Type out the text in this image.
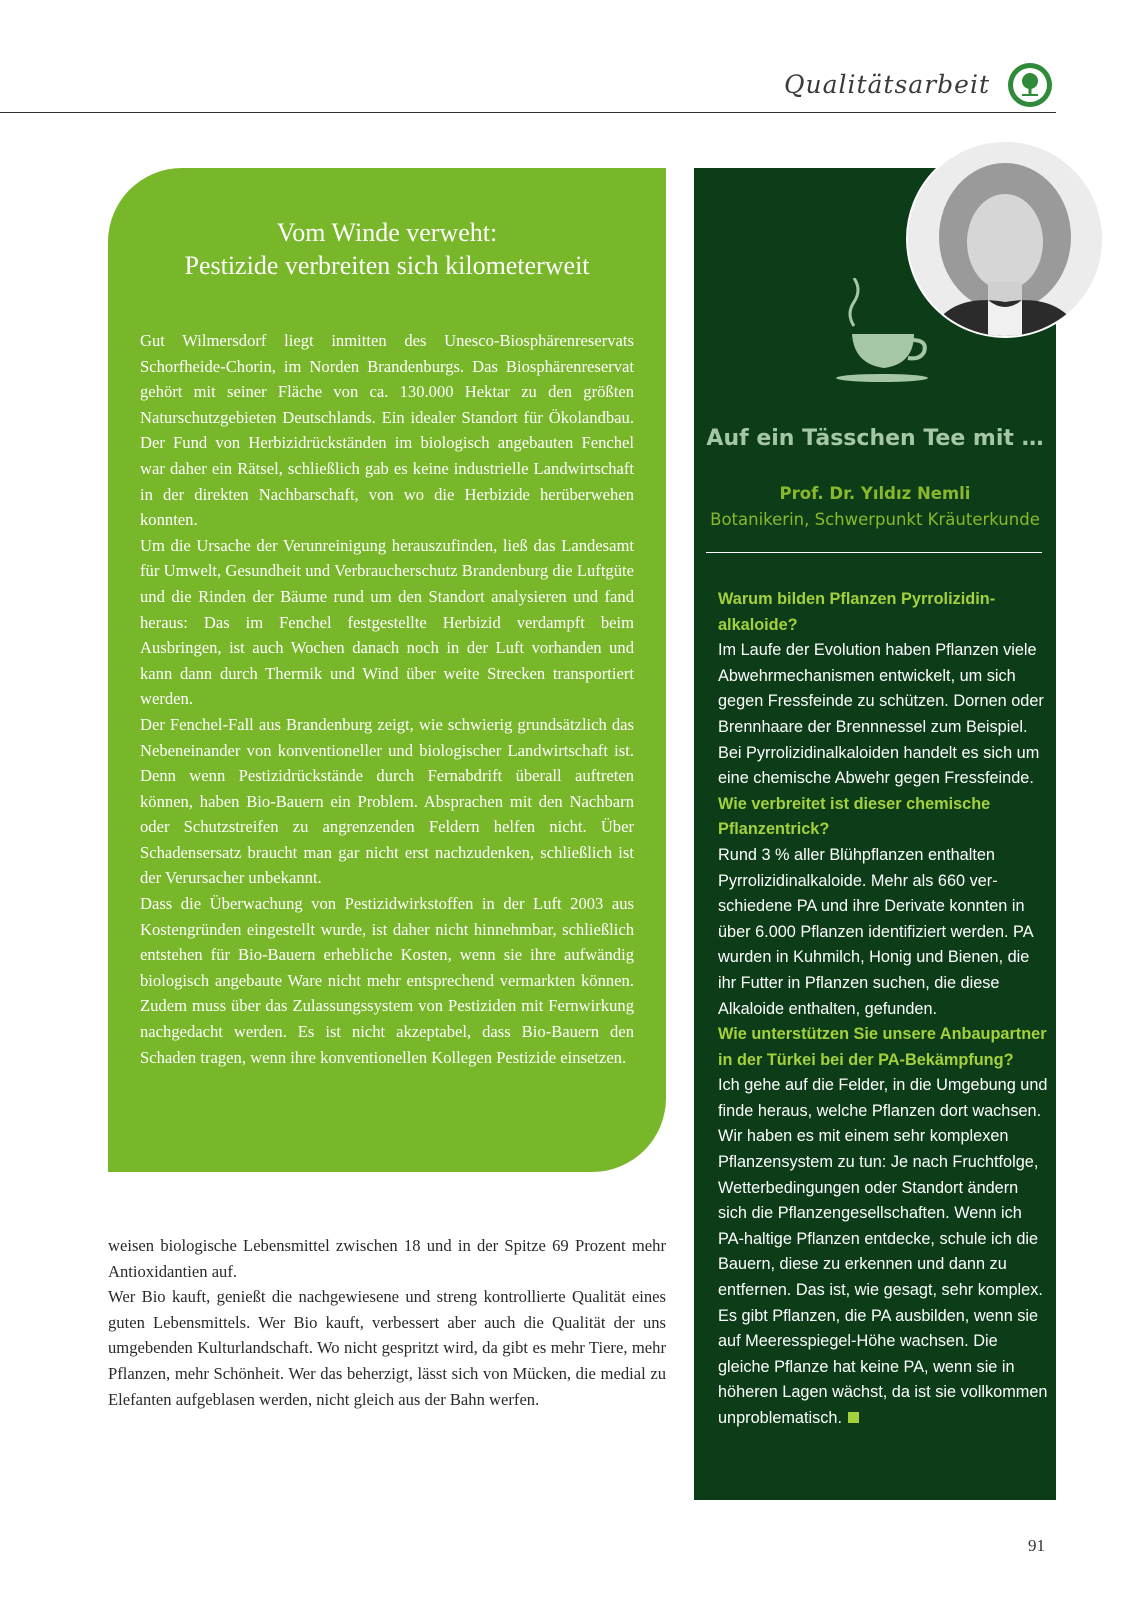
Qualitätsarbeit
Vom Winde verweht:
Pestizide verbreiten sich kilometerweit

Gut Wilmersdorf liegt inmitten des Unesco-Biosphärenreservats Schorfheide-Chorin, im Norden Brandenburgs. Das Biosphärenreservat gehört mit seiner Fläche von ca. 130.000 Hektar zu den größten Naturschutzgebieten Deutschlands. Ein idealer Standort für Ökolandbau. Der Fund von Herbizidrückständen im biologisch angebauten Fenchel war daher ein Rätsel, schließlich gab es keine industrielle Landwirtschaft in der direkten Nachbarschaft, von wo die Herbizide herüberwehen konnten.

Um die Ursache der Verunreinigung herauszufinden, ließ das Landesamt für Umwelt, Gesundheit und Verbraucherschutz Brandenburg die Luftgüte und die Rinden der Bäume rund um den Standort analysieren und fand heraus: Das im Fenchel festgestellte Herbizid verdampft beim Ausbringen, ist auch Wochen danach noch in der Luft vorhanden und kann dann durch Thermik und Wind über weite Strecken transportiert werden.

Der Fenchel-Fall aus Brandenburg zeigt, wie schwierig grundsätzlich das Nebeneinander von konventioneller und biologischer Landwirtschaft ist. Denn wenn Pestizidrückstände durch Fernabdrift überall auftreten können, haben Bio-Bauern ein Problem. Absprachen mit den Nachbarn oder Schutzstreifen zu angrenzenden Feldern helfen nicht. Über Schadensersatz braucht man gar nicht erst nachzudenken, schließlich ist der Verursacher unbekannt.

Dass die Überwachung von Pestizidwirkstoffen in der Luft 2003 aus Kostengründen eingestellt wurde, ist daher nicht hinnehmbar, schließlich entstehen für Bio-Bauern erhebliche Kosten, wenn sie ihre aufwändig biologisch angebaute Ware nicht mehr entsprechend vermarkten können. Zudem muss über das Zulassungssystem von Pestiziden mit Fernwirkung nachgedacht werden. Es ist nicht akzeptabel, dass Bio-Bauern den Schaden tragen, wenn ihre konventionellen Kollegen Pestizide einsetzen.

weisen biologische Lebensmittel zwischen 18 und in der Spitze 69 Prozent mehr Antioxidantien auf.

Wer Bio kauft, genießt die nachgewiesene und streng kontrollierte Qualität eines guten Lebensmittels. Wer Bio kauft, verbessert aber auch die Qualität der uns umgebenden Kulturlandschaft. Wo nicht gespritzt wird, da gibt es mehr Tiere, mehr Pflanzen, mehr Schönheit. Wer das beherzigt, lässt sich von Mücken, die medial zu Elefanten aufgeblasen werden, nicht gleich aus der Bahn werfen.

Auf ein Tässchen Tee mit …
Prof. Dr. Yıldız Nemli
Botanikerin, Schwerpunkt Kräuterkunde

Warum bilden Pflanzen Pyrrolizidinalkaloide?

Im Laufe der Evolution haben Pflanzen viele Abwehrmechanismen entwickelt, um sich gegen Fressfeinde zu schützen. Dornen oder Brennhaare der Brennnessel zum Beispiel. Bei Pyrrolizidinalkaloiden handelt es sich um eine chemische Abwehr gegen Fressfeinde.

Wie verbreitet ist dieser chemische Pflanzentrick?

Rund 3 % aller Blühpflanzen enthalten Pyrrolizidinalkaloide. Mehr als 660 verschiedene PA und ihre Derivate konnten in über 6.000 Pflanzen identifiziert werden. PA wurden in Kuhmilch, Honig und Bienen, die ihr Futter in Pflanzen suchen, die diese Alkaloide enthalten, gefunden.

Wie unterstützen Sie unsere Anbaupartner in der Türkei bei der PA-Bekämpfung?

Ich gehe auf die Felder, in die Umgebung und finde heraus, welche Pflanzen dort wachsen. Wir haben es mit einem sehr komplexen Pflanzensystem zu tun: Je nach Fruchtfolge, Wetterbedingungen oder Standort ändern sich die Pflanzengesellschaften. Wenn ich PA-haltige Pflanzen entdecke, schule ich die Bauern, diese zu erkennen und dann zu entfernen. Das ist, wie gesagt, sehr komplex. Es gibt Pflanzen, die PA ausbilden, wenn sie auf Meeresspiegel-Höhe wachsen. Die gleiche Pflanze hat keine PA, wenn sie in höheren Lagen wächst, da ist sie vollkommen unproblematisch.

91
